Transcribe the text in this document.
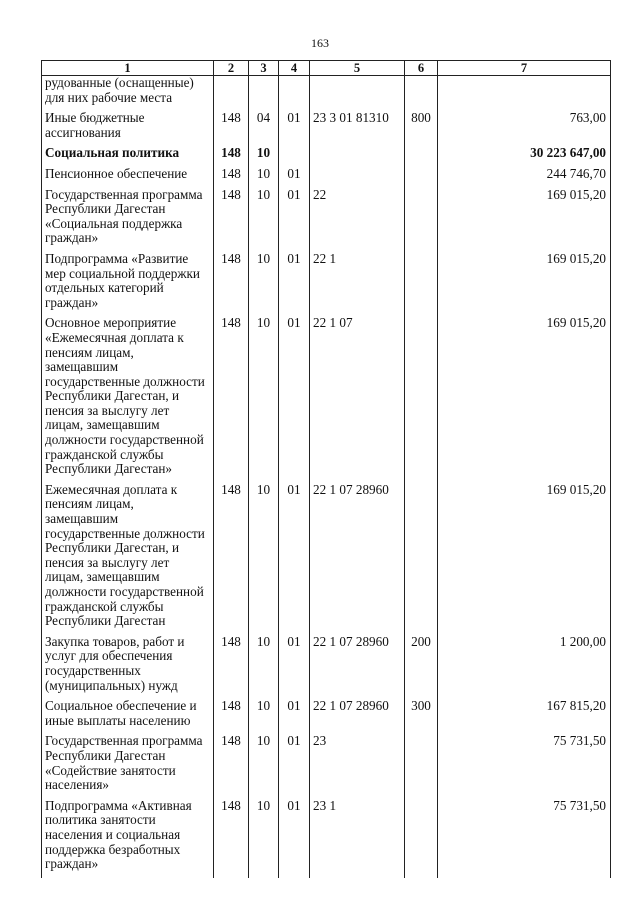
163
1	2	3	4	5	6	7
рудованные (оснащенные) для них рабочие места						
Иные бюджетные ассигнования	148	04	01	23 3 01 81310	800	763,00
Социальная политика	148	10				30 223 647,00
Пенсионное обеспечение	148	10	01			244 746,70
Государственная программа Республики Дагестан «Социальная поддержка граждан»	148	10	01	22		169 015,20
Подпрограмма «Развитие мер социальной поддержки отдельных категорий граждан»	148	10	01	22 1		169 015,20
Основное мероприятие «Ежемесячная доплата к пенсиям лицам, замещавшим государственные должности Республики Дагестан, и пенсия за выслугу лет лицам, замещавшим должности государственной гражданской службы Республики Дагестан»	148	10	01	22 1 07		169 015,20
Ежемесячная доплата к пенсиям лицам, замещавшим государственные должности Республики Дагестан, и пенсия за выслугу лет лицам, замещавшим должности государственной гражданской службы Республики Дагестан	148	10	01	22 1 07 28960		169 015,20
Закупка товаров, работ и услуг для обеспечения государственных (муниципальных) нужд	148	10	01	22 1 07 28960	200	1 200,00
Социальное обеспечение и иные выплаты населению	148	10	01	22 1 07 28960	300	167 815,20
Государственная программа Республики Дагестан «Содействие занятости населения»	148	10	01	23		75 731,50
Подпрограмма «Активная политика занятости населения и социальная поддержка безработных граждан»	148	10	01	23 1		75 731,50
